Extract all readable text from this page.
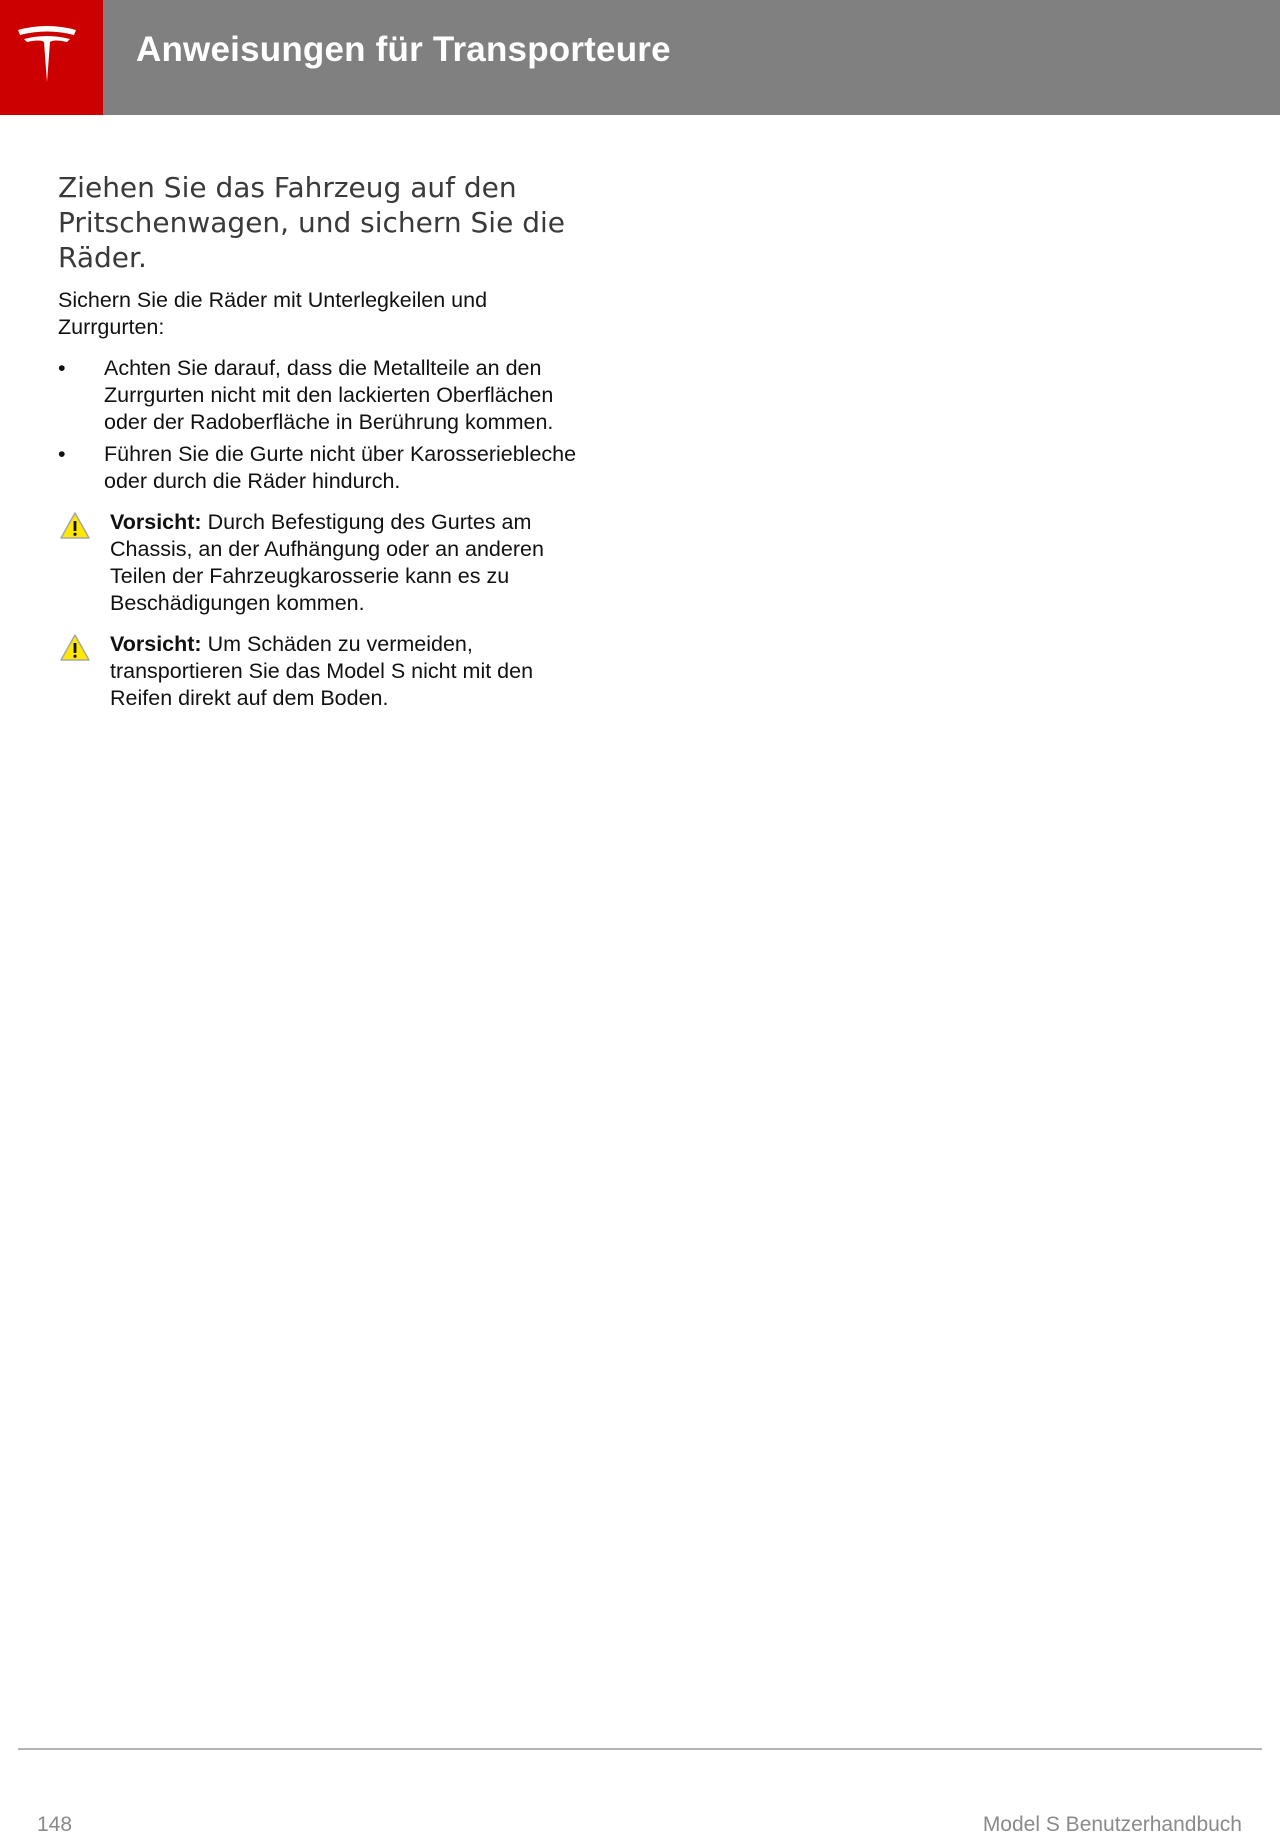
Anweisungen für Transporteure
Ziehen Sie das Fahrzeug auf den Pritschenwagen, und sichern Sie die Räder.

Sichern Sie die Räder mit Unterlegkeilen und Zurrgurten:

• Achten Sie darauf, dass die Metallteile an den Zurrgurten nicht mit den lackierten Oberflächen oder der Radoberfläche in Berührung kommen.
• Führen Sie die Gurte nicht über Karosseriebleche oder durch die Räder hindurch.
Vorsicht: Durch Befestigung des Gurtes am Chassis, an der Aufhängung oder an anderen Teilen der Fahrzeugkarosserie kann es zu Beschädigungen kommen.
Vorsicht: Um Schäden zu vermeiden, transportieren Sie das Model S nicht mit den Reifen direkt auf dem Boden.
148	Model S Benutzerhandbuch
